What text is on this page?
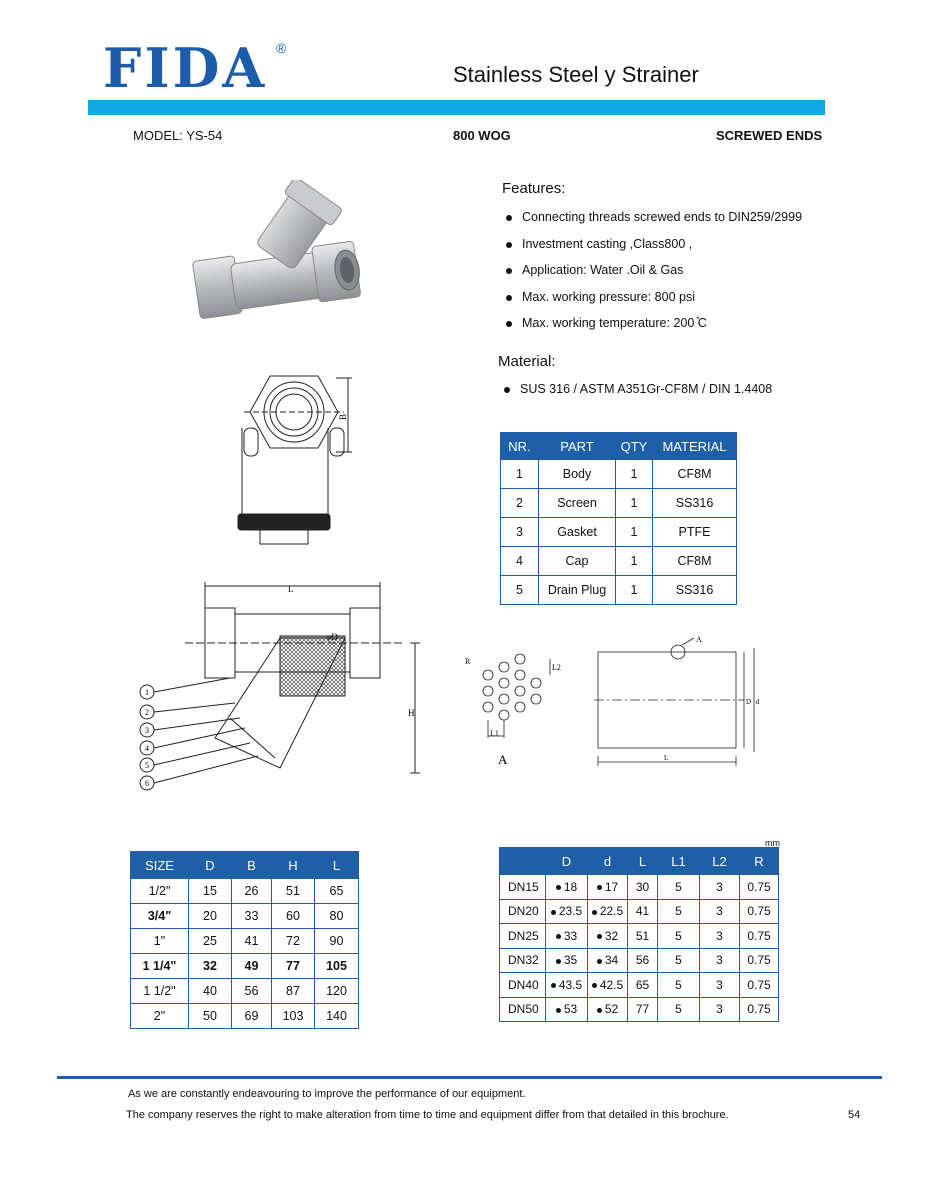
FIDA ®
Stainless Steel y Strainer
MODEL: YS-54	800 WOG	SCREWED ENDS
B
Features:
Connecting threads screwed ends to DIN259/2999
Investment casting ,Class800 ,
Application: Water .Oil & Gas
Max. working pressure: 800 psi
Max. working temperature: 200 ̊C
Material:
SUS 316 / ASTM A351Gr-CF8M / DIN 1.4408
NR.	PART	QTY	MATERIAL
1	Body	1	CF8M
2	Screen	1	SS316
3	Gasket	1	PTFE
4	Cap	1	CF8M
5	Drain Plug	1	SS316
L
φD
H
1
2
3
4
5
6
R
L2
L1
A
A
D d
L
SIZE	D	B	H	L
1/2"	15	26	51	65
3/4"	20	33	60	80
1"	25	41	72	90
1 1/4"	32	49	77	105
1 1/2"	40	56	87	120
2"	50	69	103	140
mm
	D	d	L	L1	L2	R
DN15	18	17	30	5	3	0.75
DN20	23.5	22.5	41	5	3	0.75
DN25	33	32	51	5	3	0.75
DN32	35	34	56	5	3	0.75
DN40	43.5	42.5	65	5	3	0.75
DN50	53	52	77	5	3	0.75
As we are constantly endeavouring to improve the performance of our equipment.
The company reserves the right to make alteration from time to time and equipment differ from that detailed in this brochure.	54
